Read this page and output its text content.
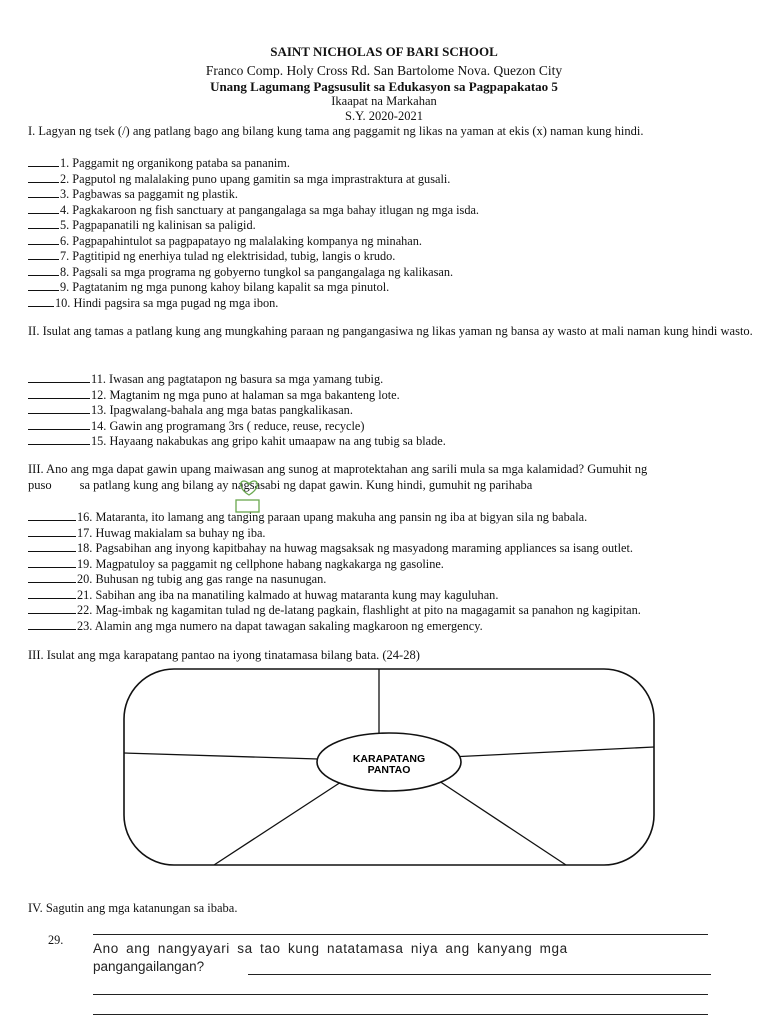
SAINT NICHOLAS OF BARI SCHOOL
Franco Comp. Holy Cross Rd. San Bartolome Nova. Quezon City
Unang Lagumang Pagsusulit sa Edukasyon sa Pagpapakatao 5
Ikaapat na Markahan
S.Y. 2020-2021
I. Lagyan ng tsek (/) ang patlang bago ang bilang kung tama ang paggamit ng likas na yaman at ekis (x) naman kung hindi.
1. Paggamit ng organikong pataba sa pananim.
2. Pagputol ng malalaking puno upang gamitin sa mga imprastraktura at gusali.
3. Pagbawas sa paggamit ng plastik.
4. Pagkakaroon ng fish sanctuary at pangangalaga sa mga bahay itlugan ng mga isda.
5. Pagpapanatili ng kalinisan sa paligid.
6. Pagpapahintulot sa pagpapatayo ng malalaking kompanya ng minahan.
7. Pagtitipid ng enerhiya tulad ng elektrisidad, tubig, langis o krudo.
8. Pagsali sa mga programa ng gobyerno tungkol sa pangangalaga ng kalikasan.
9. Pagtatanim ng mga punong kahoy bilang kapalit sa mga pinutol.
10. Hindi pagsira sa mga pugad ng mga ibon.
II. Isulat ang tamas a patlang kung ang mungkahing paraan ng pangangasiwa ng likas yaman ng bansa ay wasto at mali naman kung hindi wasto.
11. Iwasan ang pagtatapon ng basura sa mga yamang tubig.
12. Magtanim ng mga puno at halaman sa mga bakanteng lote.
13. Ipagwalang-bahala ang mga batas pangkalikasan.
14. Gawin ang programang 3rs ( reduce, reuse, recycle)
15. Hayaang nakabukas ang gripo kahit umaapaw na ang tubig sa blade.
III. Ano ang mga dapat gawin upang maiwasan ang sunog at maprotektahan ang sarili mula sa mga kalamidad? Gumuhit ng
puso sa patlang kung ang bilang ay nagsasabi ng dapat gawin. Kung hindi, gumuhit ng parihaba
16. Mataranta, ito lamang ang tanging paraan upang makuha ang pansin ng iba at bigyan sila ng babala.
17. Huwag makialam sa buhay ng iba.
18. Pagsabihan ang inyong kapitbahay na huwag magsaksak ng masyadong maraming appliances sa isang outlet.
19. Magpatuloy sa paggamit ng cellphone habang nagkakarga ng gasoline.
20. Buhusan ng tubig ang gas range na nasunugan.
21. Sabihan ang iba na manatiling kalmado at huwag mataranta kung may kaguluhan.
22. Mag-imbak ng kagamitan tulad ng de-latang pagkain, flashlight at pito na magagamit sa panahon ng kagipitan.
23. Alamin ang mga numero na dapat tawagan sakaling magkaroon ng emergency.
III. Isulat ang mga karapatang pantao na iyong tinatamasa bilang bata. (24-28)
KARAPATANG
PANTAO
IV. Sagutin ang mga katanungan sa ibaba.
29.
Ano ang nangyayari sa tao kung natatamasa niya ang kanyang mga
pangangailangan?
